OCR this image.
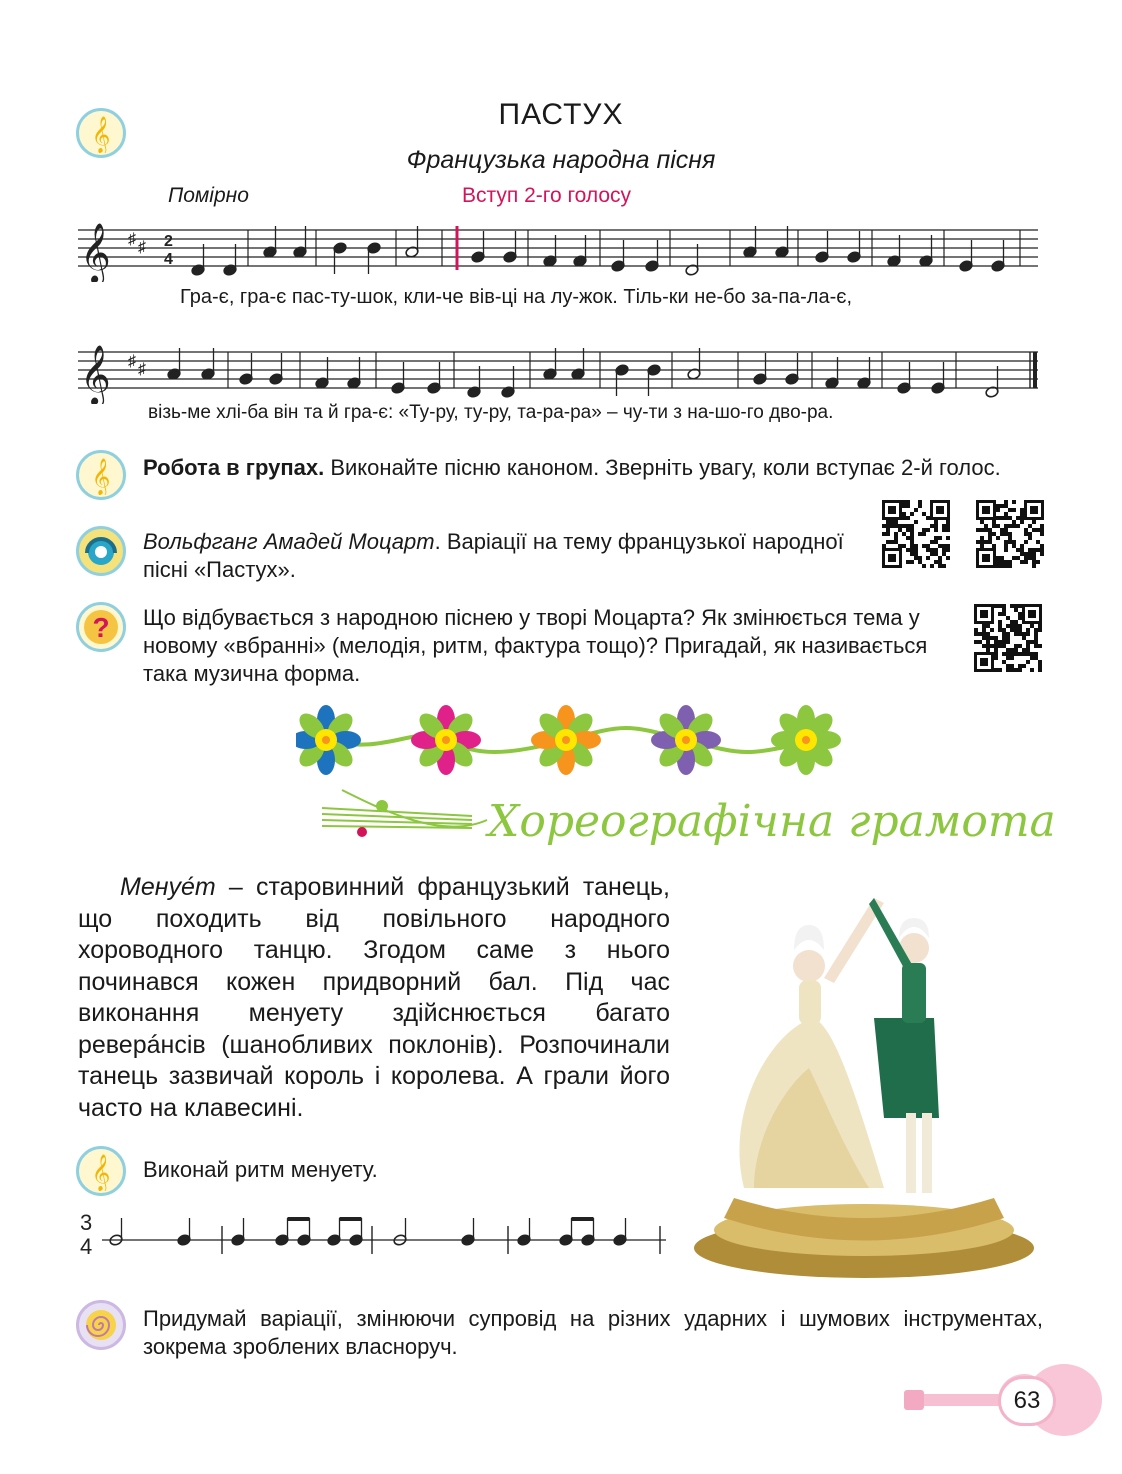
𝄞
ПАСТУХ
Французька народна пісня
Помірно	Вступ 2-го голосу
𝄞 ♯ ♯ 2
4
Гра-є, гра-є пас-ту-шок, кли-че вів-ці на лу-жок. Тіль-ки не-бо за-па-ла-є,
𝄞 ♯ ♯
візь-ме хлі-ба він та й гра-є: «Ту-ру, ту-ру, та-ра-ра» – чу-ти з на-шо-го дво-ра.
𝄞 Робота в групах. Виконайте пісню каноном. Зверніть увагу, коли вступає 2-й голос.
Вольфганг Амадей Моцарт. Варіації на тему французької народної пісні «Пастух».
? Що відбувається з народною піснею у творі Моцарта? Як змінюється тема у новому «вбранні» (мелодія, ритм, фактура тощо)? Пригадай, як називається така музична форма.
Хореографічна грамота

Менуе́т – старовинний французький танець, що походить від повільного народного хороводного танцю. Згодом саме з нього починався кожен придворний бал. Під час виконання менуету здійснюється багато реверáнсів (шанобливих поклонів). Розпочинали танець зазвичай король і королева. А грали його часто на клавесині.

𝄞 Виконай ритм менуету.
3
4
Придумай варіації, змінюючи супровід на різних ударних і шумових інструментах, зокрема зроблених власноруч.
63
